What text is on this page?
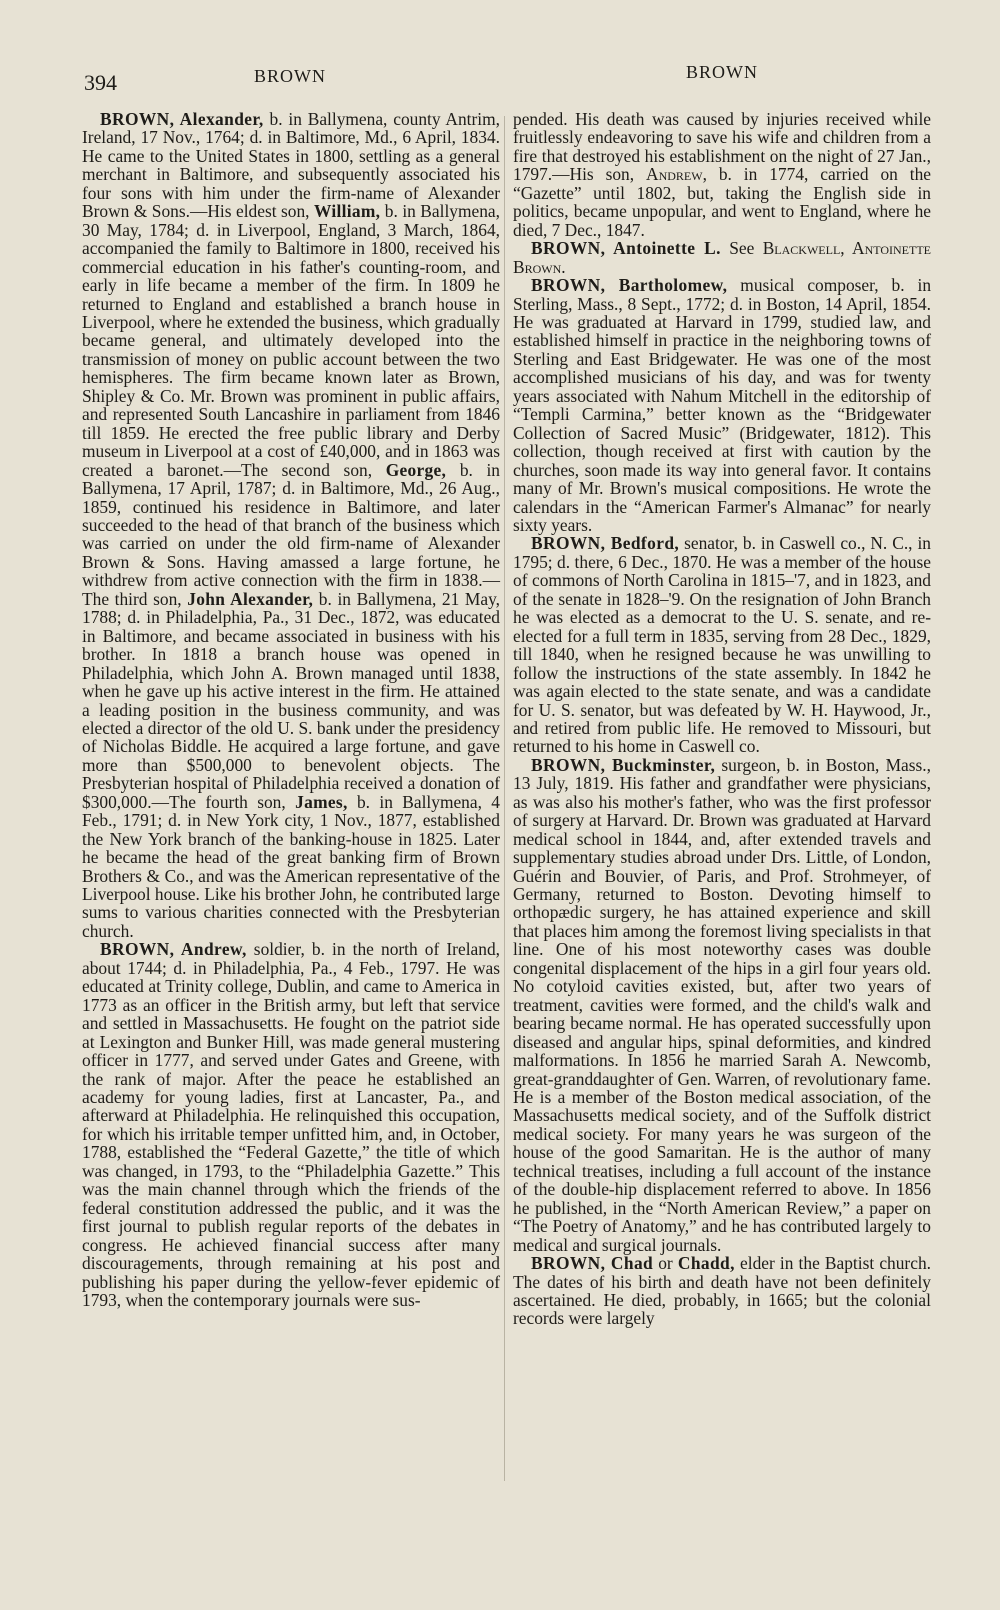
394	BROWN	BROWN

BROWN, Alexander, b. in Ballymena, county Antrim, Ireland, 17 Nov., 1764; d. in Baltimore, Md., 6 April, 1834. He came to the United States in 1800, settling as a general merchant in Baltimore, and subsequently associated his four sons with him under the firm-name of Alexander Brown & Sons.—His eldest son, William, b. in Ballymena, 30 May, 1784; d. in Liverpool, England, 3 March, 1864, accompanied the family to Baltimore in 1800, received his commercial education in his father's counting-room, and early in life became a member of the firm. In 1809 he returned to England and established a branch house in Liverpool, where he extended the business, which gradually became general, and ultimately developed into the transmission of money on public account between the two hemispheres. The firm became known later as Brown, Shipley & Co. Mr. Brown was prominent in public affairs, and represented South Lancashire in parliament from 1846 till 1859. He erected the free public library and Derby museum in Liverpool at a cost of £40,000, and in 1863 was created a baronet.—The second son, George, b. in Ballymena, 17 April, 1787; d. in Baltimore, Md., 26 Aug., 1859, continued his residence in Baltimore, and later succeeded to the head of that branch of the business which was carried on under the old firm-name of Alexander Brown & Sons. Having amassed a large fortune, he withdrew from active connection with the firm in 1838.—The third son, John Alexander, b. in Ballymena, 21 May, 1788; d. in Philadelphia, Pa., 31 Dec., 1872, was educated in Baltimore, and became associated in business with his brother. In 1818 a branch house was opened in Philadelphia, which John A. Brown managed until 1838, when he gave up his active interest in the firm. He attained a leading position in the business community, and was elected a director of the old U. S. bank under the presidency of Nicholas Biddle. He acquired a large fortune, and gave more than $500,000 to benevolent objects. The Presbyterian hospital of Philadelphia received a donation of $300,000.—The fourth son, James, b. in Ballymena, 4 Feb., 1791; d. in New York city, 1 Nov., 1877, established the New York branch of the banking-house in 1825. Later he became the head of the great banking firm of Brown Brothers & Co., and was the American representative of the Liverpool house. Like his brother John, he contributed large sums to various charities connected with the Presbyterian church.

BROWN, Andrew, soldier, b. in the north of Ireland, about 1744; d. in Philadelphia, Pa., 4 Feb., 1797. He was educated at Trinity college, Dublin, and came to America in 1773 as an officer in the British army, but left that service and settled in Massachusetts. He fought on the patriot side at Lexington and Bunker Hill, was made general mustering officer in 1777, and served under Gates and Greene, with the rank of major. After the peace he established an academy for young ladies, first at Lancaster, Pa., and afterward at Philadelphia. He relinquished this occupation, for which his irritable temper unfitted him, and, in October, 1788, established the “Federal Gazette,” the title of which was changed, in 1793, to the “Philadelphia Gazette.” This was the main channel through which the friends of the federal constitution addressed the public, and it was the first journal to publish regular reports of the debates in congress. He achieved financial success after many discouragements, through remaining at his post and publishing his paper during the yellow-fever epidemic of 1793, when the contemporary journals were sus-

pended. His death was caused by injuries received while fruitlessly endeavoring to save his wife and children from a fire that destroyed his establishment on the night of 27 Jan., 1797.—His son, Andrew, b. in 1774, carried on the “Gazette” until 1802, but, taking the English side in politics, became unpopular, and went to England, where he died, 7 Dec., 1847.

BROWN, Antoinette L. See Blackwell, Antoinette Brown.

BROWN, Bartholomew, musical composer, b. in Sterling, Mass., 8 Sept., 1772; d. in Boston, 14 April, 1854. He was graduated at Harvard in 1799, studied law, and established himself in practice in the neighboring towns of Sterling and East Bridgewater. He was one of the most accomplished musicians of his day, and was for twenty years associated with Nahum Mitchell in the editorship of “Templi Carmina,” better known as the “Bridgewater Collection of Sacred Music” (Bridgewater, 1812). This collection, though received at first with caution by the churches, soon made its way into general favor. It contains many of Mr. Brown's musical compositions. He wrote the calendars in the “American Farmer's Almanac” for nearly sixty years.

BROWN, Bedford, senator, b. in Caswell co., N. C., in 1795; d. there, 6 Dec., 1870. He was a member of the house of commons of North Carolina in 1815–'7, and in 1823, and of the senate in 1828–'9. On the resignation of John Branch he was elected as a democrat to the U. S. senate, and re-elected for a full term in 1835, serving from 28 Dec., 1829, till 1840, when he resigned because he was unwilling to follow the instructions of the state assembly. In 1842 he was again elected to the state senate, and was a candidate for U. S. senator, but was defeated by W. H. Haywood, Jr., and retired from public life. He removed to Missouri, but returned to his home in Caswell co.

BROWN, Buckminster, surgeon, b. in Boston, Mass., 13 July, 1819. His father and grandfather were physicians, as was also his mother's father, who was the first professor of surgery at Harvard. Dr. Brown was graduated at Harvard medical school in 1844, and, after extended travels and supplementary studies abroad under Drs. Little, of London, Guérin and Bouvier, of Paris, and Prof. Strohmeyer, of Germany, returned to Boston. Devoting himself to orthopædic surgery, he has attained experience and skill that places him among the foremost living specialists in that line. One of his most noteworthy cases was double congenital displacement of the hips in a girl four years old. No cotyloid cavities existed, but, after two years of treatment, cavities were formed, and the child's walk and bearing became normal. He has operated successfully upon diseased and angular hips, spinal deformities, and kindred malformations. In 1856 he married Sarah A. Newcomb, great-granddaughter of Gen. Warren, of revolutionary fame. He is a member of the Boston medical association, of the Massachusetts medical society, and of the Suffolk district medical society. For many years he was surgeon of the house of the good Samaritan. He is the author of many technical treatises, including a full account of the instance of the double-hip displacement referred to above. In 1856 he published, in the “North American Review,” a paper on “The Poetry of Anatomy,” and he has contributed largely to medical and surgical journals.

BROWN, Chad or Chadd, elder in the Baptist church. The dates of his birth and death have not been definitely ascertained. He died, probably, in 1665; but the colonial records were largely
